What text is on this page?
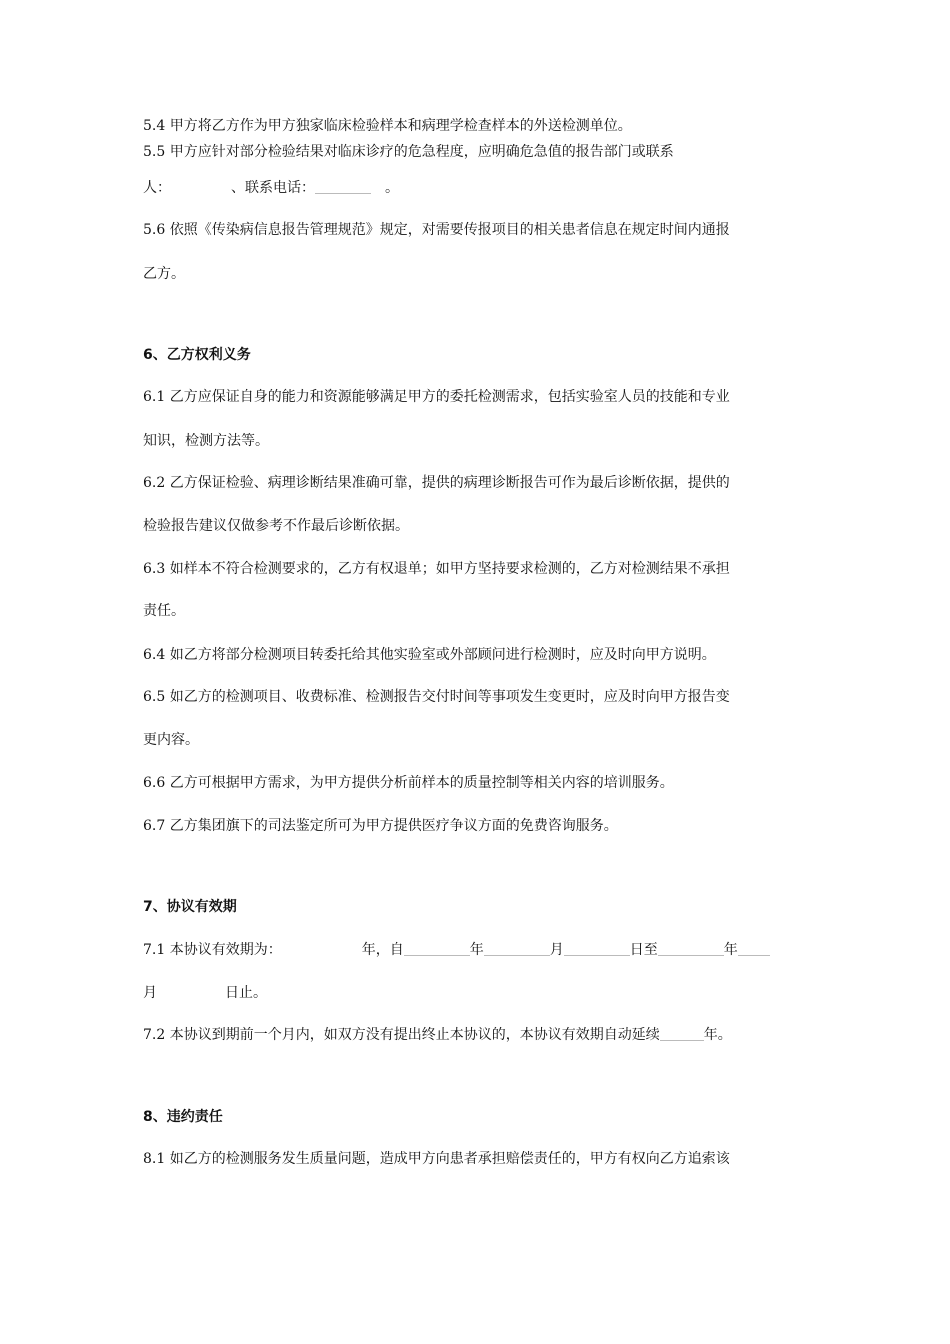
5.4 甲方将乙方作为甲方独家临床检验样本和病理学检查样本的外送检测单位。
5.5 甲方应针对部分检验结果对临床诊疗的危急程度，应明确危急值的报告部门或联系
人：	、联系电话：	。
5.6 依照《传染病信息报告管理规范》规定，对需要传报项目的相关患者信息在规定时间内通报
乙方。
6、乙方权利义务
6.1 乙方应保证自身的能力和资源能够满足甲方的委托检测需求，包括实验室人员的技能和专业
知识，检测方法等。
6.2 乙方保证检验、病理诊断结果准确可靠，提供的病理诊断报告可作为最后诊断依据，提供的
检验报告建议仅做参考不作最后诊断依据。
6.3 如样本不符合检测要求的，乙方有权退单；如甲方坚持要求检测的，乙方对检测结果不承担
责任。
6.4 如乙方将部分检测项目转委托给其他实验室或外部顾问进行检测时，应及时向甲方说明。
6.5 如乙方的检测项目、收费标准、检测报告交付时间等事项发生变更时，应及时向甲方报告变
更内容。
6.6 乙方可根据甲方需求，为甲方提供分析前样本的质量控制等相关内容的培训服务。
6.7 乙方集团旗下的司法鉴定所可为甲方提供医疗争议方面的免费咨询服务。
7、协议有效期
7.1 本协议有效期为：	年，自	年	月	日至	年
月	日止。
7.2 本协议到期前一个月内，如双方没有提出终止本协议的，本协议有效期自动延续	年。
8、违约责任
8.1 如乙方的检测服务发生质量问题，造成甲方向患者承担赔偿责任的，甲方有权向乙方追索该
